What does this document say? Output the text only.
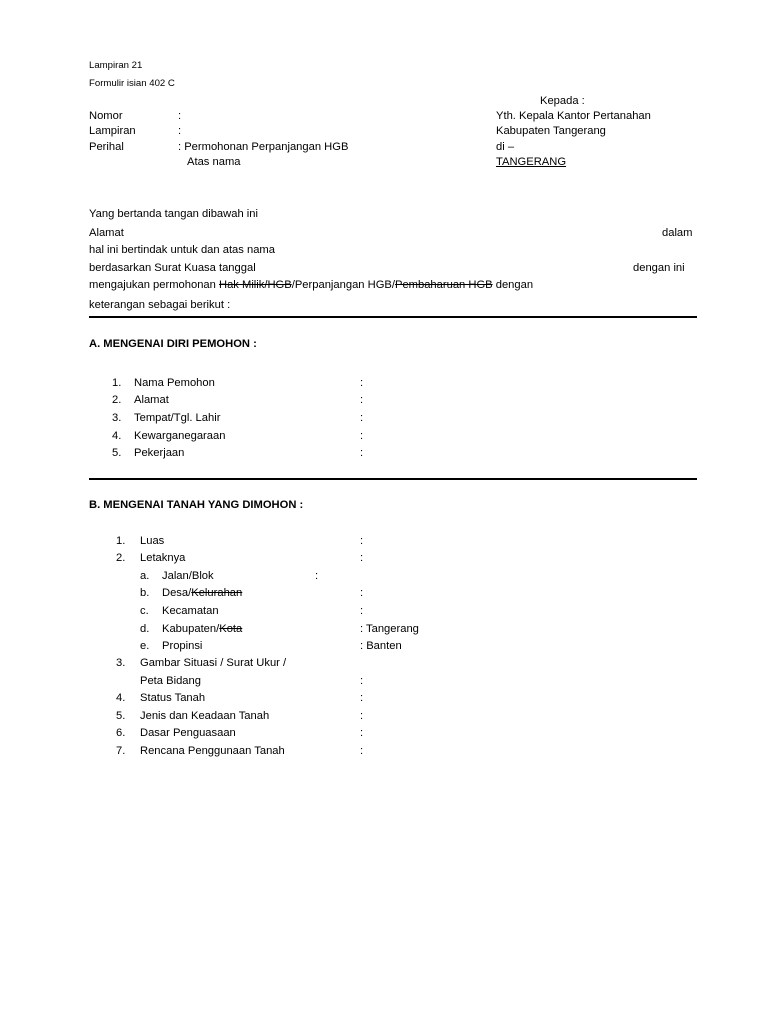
Lampiran 21
Formulir isian 402 C
Kepada :
Yth. Kepala Kantor Pertanahan
Kabupaten Tangerang
di –
TANGERANG
Nomor	:
Lampiran	:
Perihal	: Permohonan Perpanjangan HGB
Atas nama
Yang bertanda tangan dibawah ini
Alamat	dalam
hal ini bertindak untuk dan atas nama
berdasarkan Surat Kuasa tanggal	dengan ini
mengajukan permohonan Hak Milik/HGB/Perpanjangan HGB/Pembaharuan HGB dengan
keterangan sebagai berikut :
A. MENGENAI DIRI PEMOHON :
1. Nama Pemohon	:
2. Alamat	:
3. Tempat/Tgl. Lahir	:
4. Kewarganegaraan	:
5. Pekerjaan	:
B. MENGENAI TANAH YANG DIMOHON :
1. Luas	:
2. Letaknya	:
a. Jalan/Blok	:
b. Desa/Kelurahan	:
c. Kecamatan	:
d. Kabupaten/Kota	: Tangerang
e. Propinsi	: Banten
3. Gambar Situasi / Surat Ukur /
Peta Bidang	:
4. Status Tanah	:
5. Jenis dan Keadaan Tanah	:
6. Dasar Penguasaan	:
7. Rencana Penggunaan Tanah	:
